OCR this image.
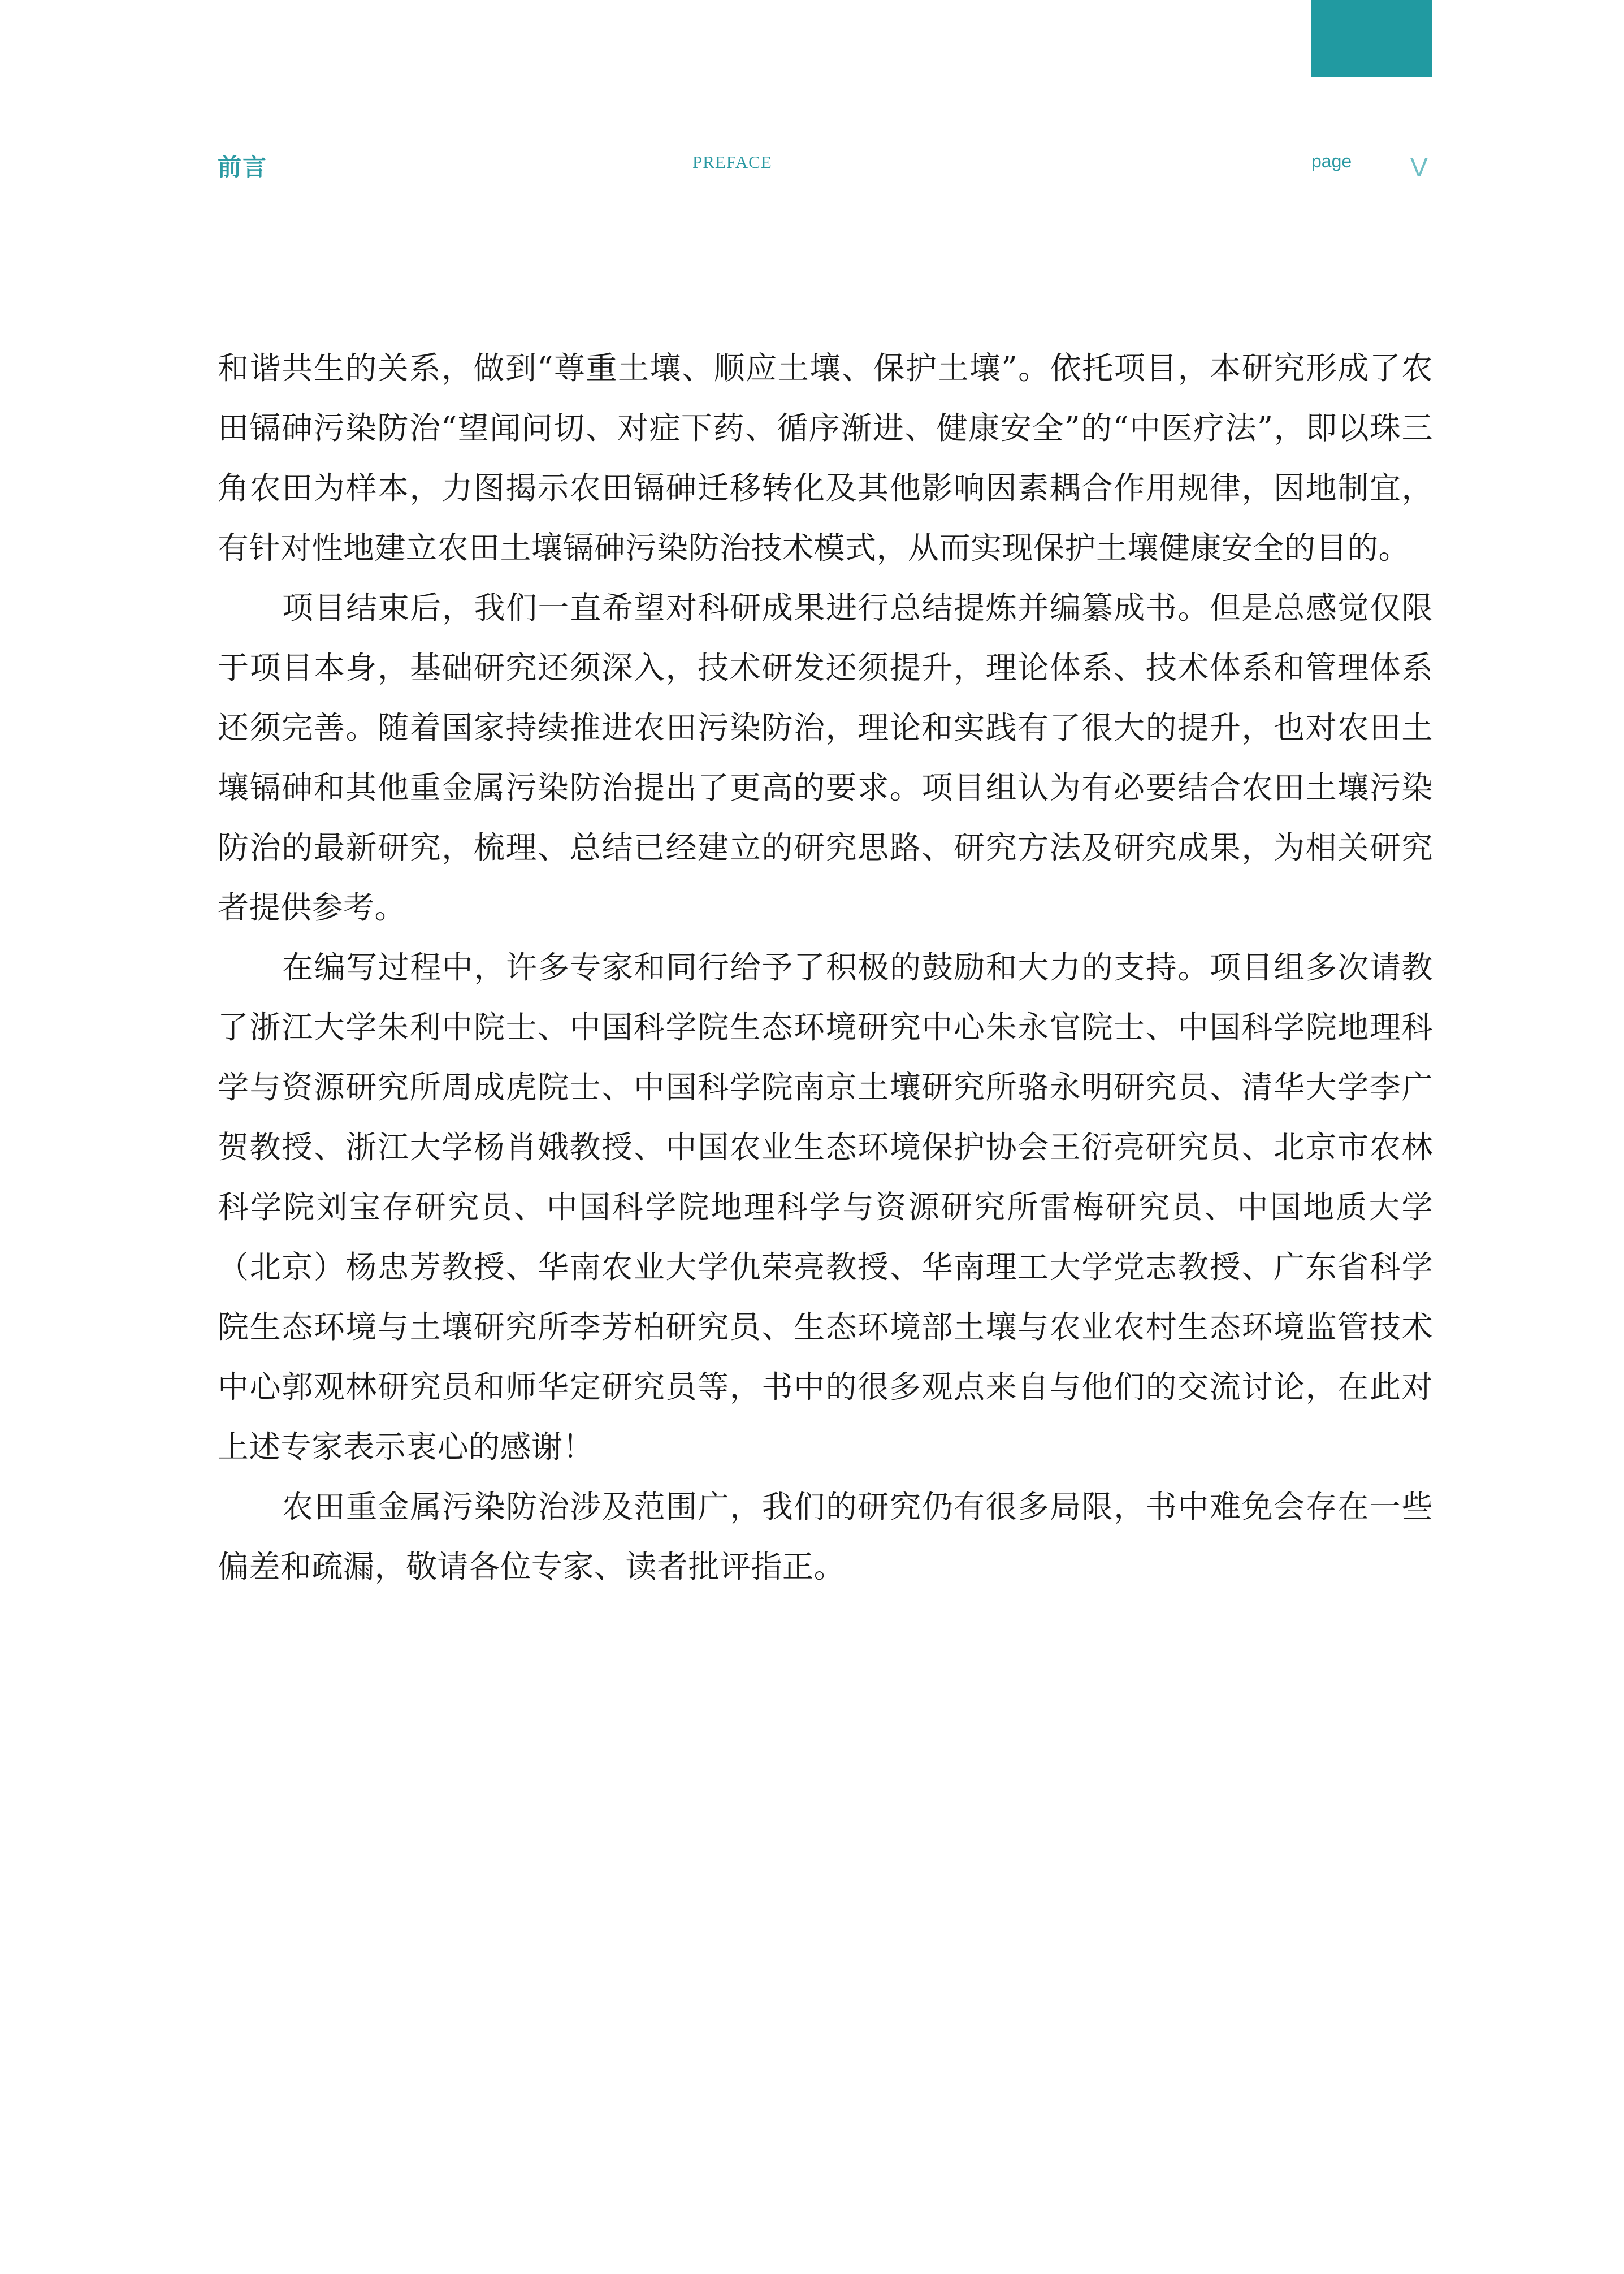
前言	PREFACE	page V

和谐共生的关系，做到“尊重土壤、顺应土壤、保护土壤”。依托项目，本研究形成了农田镉砷污染防治“望闻问切、对症下药、循序渐进、健康安全”的“中医疗法”，即以珠三角农田为样本，力图揭示农田镉砷迁移转化及其他影响因素耦合作用规律，因地制宜，有针对性地建立农田土壤镉砷污染防治技术模式，从而实现保护土壤健康安全的目的。

项目结束后，我们一直希望对科研成果进行总结提炼并编纂成书。但是总感觉仅限于项目本身，基础研究还须深入，技术研发还须提升，理论体系、技术体系和管理体系还须完善。随着国家持续推进农田污染防治，理论和实践有了很大的提升，也对农田土壤镉砷和其他重金属污染防治提出了更高的要求。项目组认为有必要结合农田土壤污染防治的最新研究，梳理、总结已经建立的研究思路、研究方法及研究成果，为相关研究者提供参考。

在编写过程中，许多专家和同行给予了积极的鼓励和大力的支持。项目组多次请教了浙江大学朱利中院士、中国科学院生态环境研究中心朱永官院士、中国科学院地理科学与资源研究所周成虎院士、中国科学院南京土壤研究所骆永明研究员、清华大学李广贺教授、浙江大学杨肖娥教授、中国农业生态环境保护协会王衍亮研究员、北京市农林科学院刘宝存研究员、中国科学院地理科学与资源研究所雷梅研究员、中国地质大学（北京）杨忠芳教授、华南农业大学仇荣亮教授、华南理工大学党志教授、广东省科学院生态环境与土壤研究所李芳柏研究员、生态环境部土壤与农业农村生态环境监管技术中心郭观林研究员和师华定研究员等，书中的很多观点来自与他们的交流讨论，在此对上述专家表示衷心的感谢！

农田重金属污染防治涉及范围广，我们的研究仍有很多局限，书中难免会存在一些偏差和疏漏，敬请各位专家、读者批评指正。
